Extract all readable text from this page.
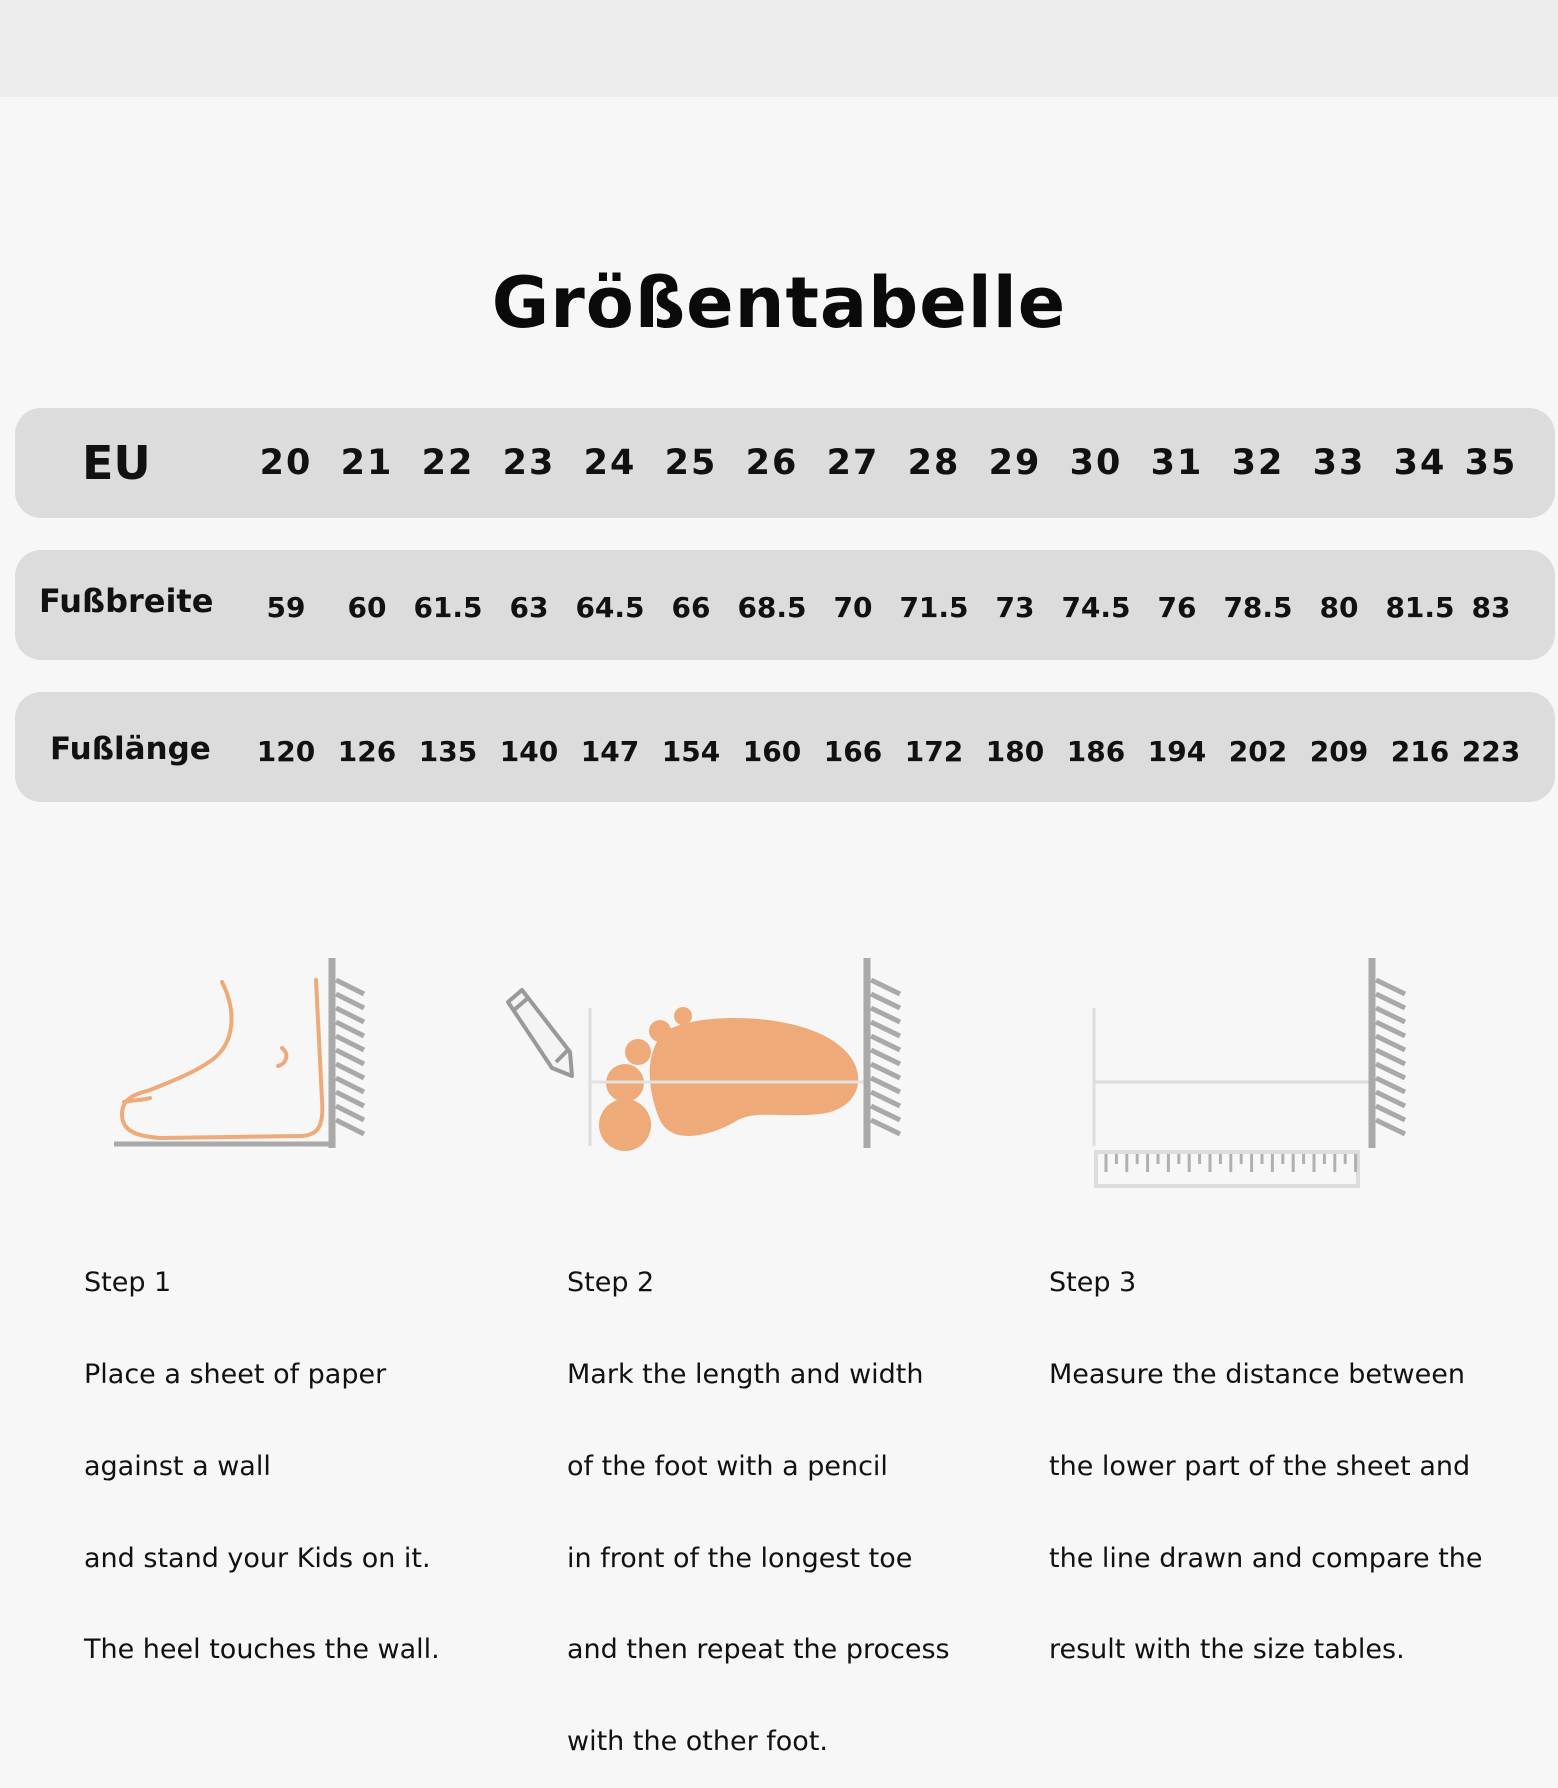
Größentabelle
EU	20 21 22 23 24 25 26 27 28 29 30 31 32 33 34 35
Fußbreite	59	60 61.5 63 64.5 66 68.5 70 71.5 73 74.5 76 78.5 80 81.5 83
Fußlänge	120 126 135 140 147 154 160 166 172 180 186 194 202 209 216 223

Step 1

Place a sheet of paper

against a wall

and stand your Kids on it.

The heel touches the wall.

Step 2

Mark the length and width

of the foot with a pencil

in front of the longest toe

and then repeat the process

with the other foot.

Step 3

Measure the distance between

the lower part of the sheet and

the line drawn and compare the

result with the size tables.
